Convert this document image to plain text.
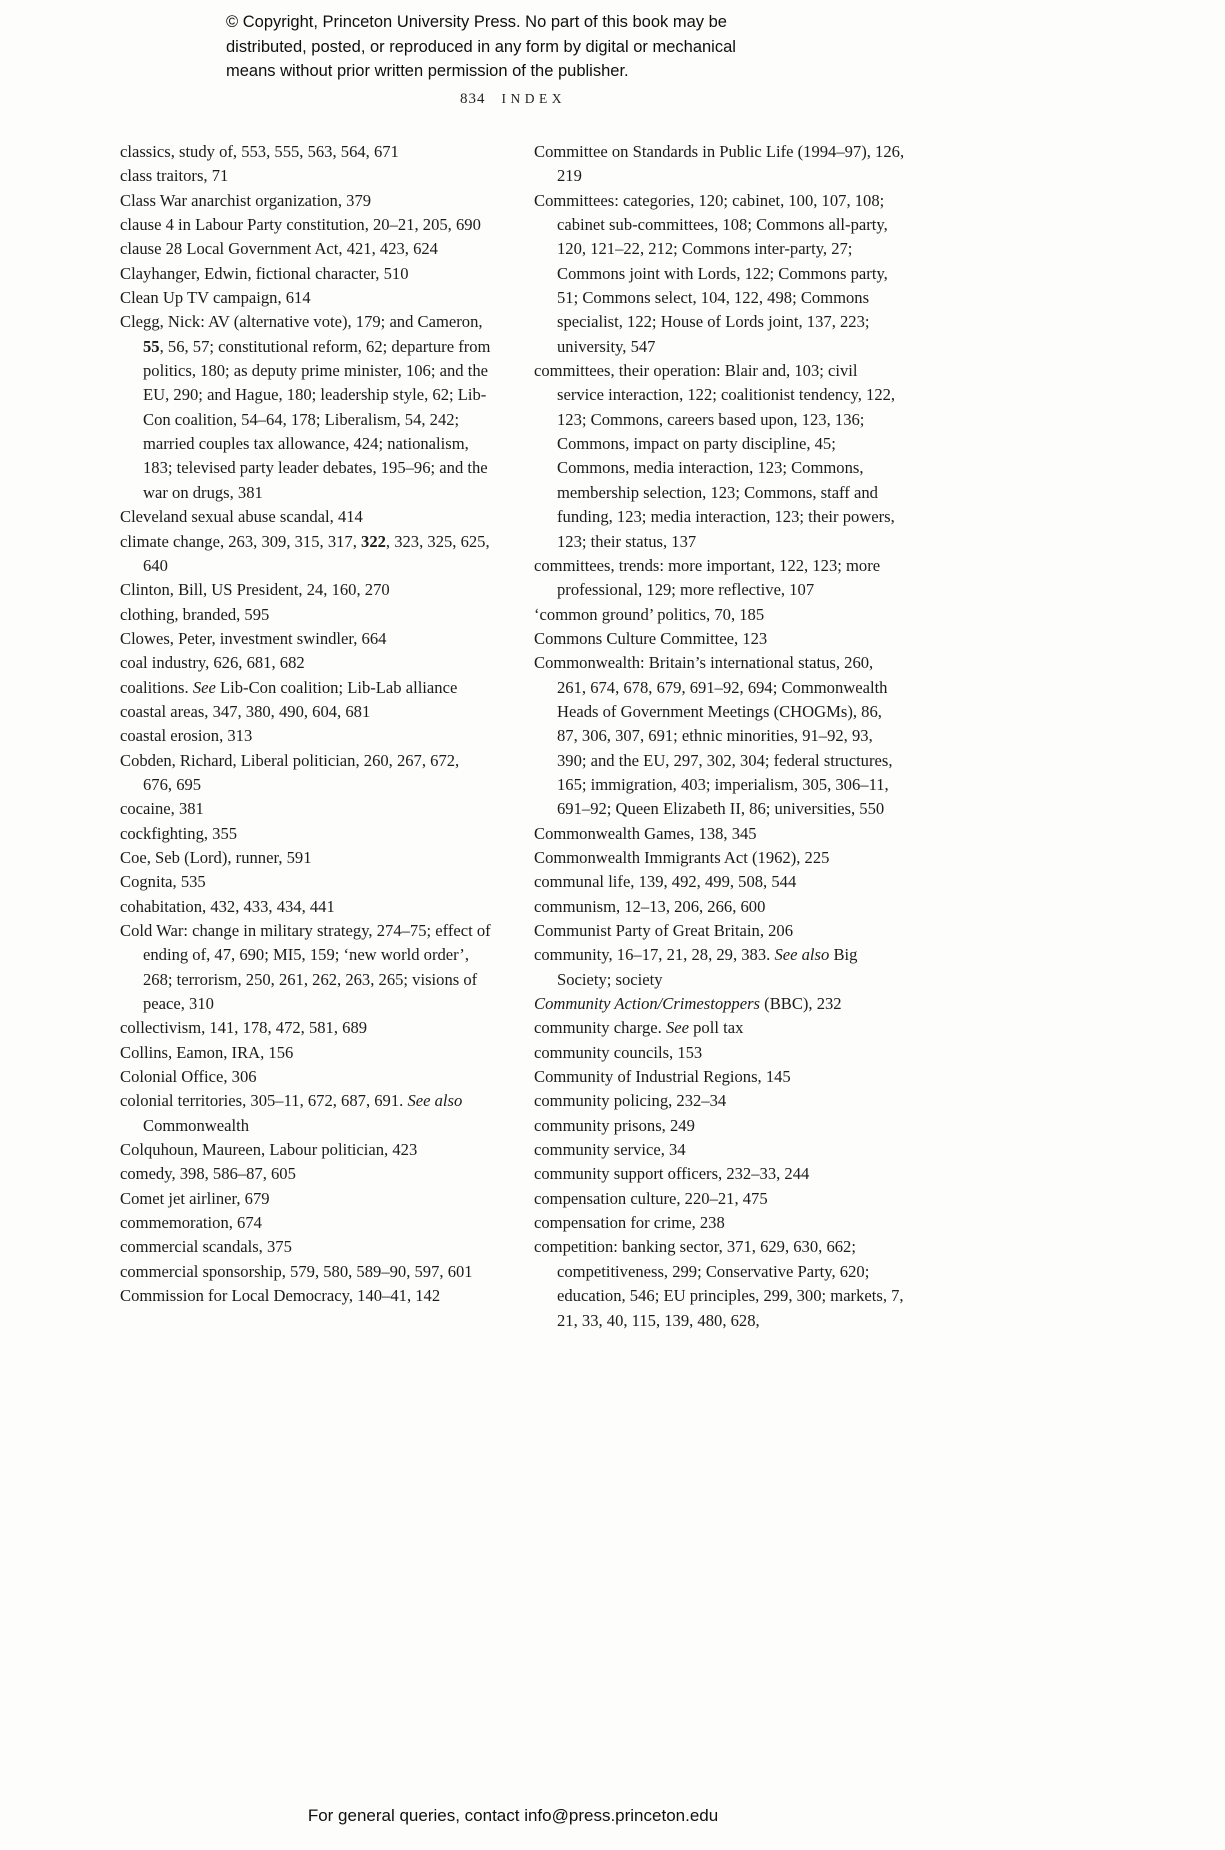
© Copyright, Princeton University Press. No part of this book may be
distributed, posted, or reproduced in any form by digital or mechanical
means without prior written permission of the publisher.
834 INDEX
classics, study of, 553, 555, 563, 564, 671
class traitors, 71
Class War anarchist organization, 379
clause 4 in Labour Party constitution, 20–21, 205, 690
clause 28 Local Government Act, 421, 423, 624
Clayhanger, Edwin, fictional character, 510
Clean Up TV campaign, 614
Clegg, Nick: AV (alternative vote), 179; and Cameron, 55, 56, 57; constitutional reform, 62; departure from politics, 180; as deputy prime minister, 106; and the EU, 290; and Hague, 180; leadership style, 62; Lib-Con coalition, 54–64, 178; Liberalism, 54, 242; married couples tax allowance, 424; nationalism, 183; televised party leader debates, 195–96; and the war on drugs, 381
Cleveland sexual abuse scandal, 414
climate change, 263, 309, 315, 317, 322, 323, 325, 625, 640
Clinton, Bill, US President, 24, 160, 270
clothing, branded, 595
Clowes, Peter, investment swindler, 664
coal industry, 626, 681, 682
coalitions. See Lib-Con coalition; Lib-Lab alliance
coastal areas, 347, 380, 490, 604, 681
coastal erosion, 313
Cobden, Richard, Liberal politician, 260, 267, 672, 676, 695
cocaine, 381
cockfighting, 355
Coe, Seb (Lord), runner, 591
Cognita, 535
cohabitation, 432, 433, 434, 441
Cold War: change in military strategy, 274–75; effect of ending of, 47, 690; MI5, 159; ‘new world order’, 268; terrorism, 250, 261, 262, 263, 265; visions of peace, 310
collectivism, 141, 178, 472, 581, 689
Collins, Eamon, IRA, 156
Colonial Office, 306
colonial territories, 305–11, 672, 687, 691. See also Commonwealth
Colquhoun, Maureen, Labour politician, 423
comedy, 398, 586–87, 605
Comet jet airliner, 679
commemoration, 674
commercial scandals, 375
commercial sponsorship, 579, 580, 589–90, 597, 601
Commission for Local Democracy, 140–41, 142
Committee on Standards in Public Life (1994–97), 126, 219
Committees: categories, 120; cabinet, 100, 107, 108; cabinet sub-committees, 108; Commons all-party, 120, 121–22, 212; Commons inter-party, 27; Commons joint with Lords, 122; Commons party, 51; Commons select, 104, 122, 498; Commons specialist, 122; House of Lords joint, 137, 223; university, 547
committees, their operation: Blair and, 103; civil service interaction, 122; coalitionist tendency, 122, 123; Commons, careers based upon, 123, 136; Commons, impact on party discipline, 45; Commons, media interaction, 123; Commons, membership selection, 123; Commons, staff and funding, 123; media interaction, 123; their powers, 123; their status, 137
committees, trends: more important, 122, 123; more professional, 129; more reflective, 107
‘common ground’ politics, 70, 185
Commons Culture Committee, 123
Commonwealth: Britain’s international status, 260, 261, 674, 678, 679, 691–92, 694; Commonwealth Heads of Government Meetings (CHOGMs), 86, 87, 306, 307, 691; ethnic minorities, 91–92, 93, 390; and the EU, 297, 302, 304; federal structures, 165; immigration, 403; imperialism, 305, 306–11, 691–92; Queen Elizabeth II, 86; universities, 550
Commonwealth Games, 138, 345
Commonwealth Immigrants Act (1962), 225
communal life, 139, 492, 499, 508, 544
communism, 12–13, 206, 266, 600
Communist Party of Great Britain, 206
community, 16–17, 21, 28, 29, 383. See also Big Society; society
Community Action/Crimestoppers (BBC), 232
community charge. See poll tax
community councils, 153
Community of Industrial Regions, 145
community policing, 232–34
community prisons, 249
community service, 34
community support officers, 232–33, 244
compensation culture, 220–21, 475
compensation for crime, 238
competition: banking sector, 371, 629, 630, 662; competitiveness, 299; Conservative Party, 620; education, 546; EU principles, 299, 300; markets, 7, 21, 33, 40, 115, 139, 480, 628,
For general queries, contact info@press.princeton.edu
